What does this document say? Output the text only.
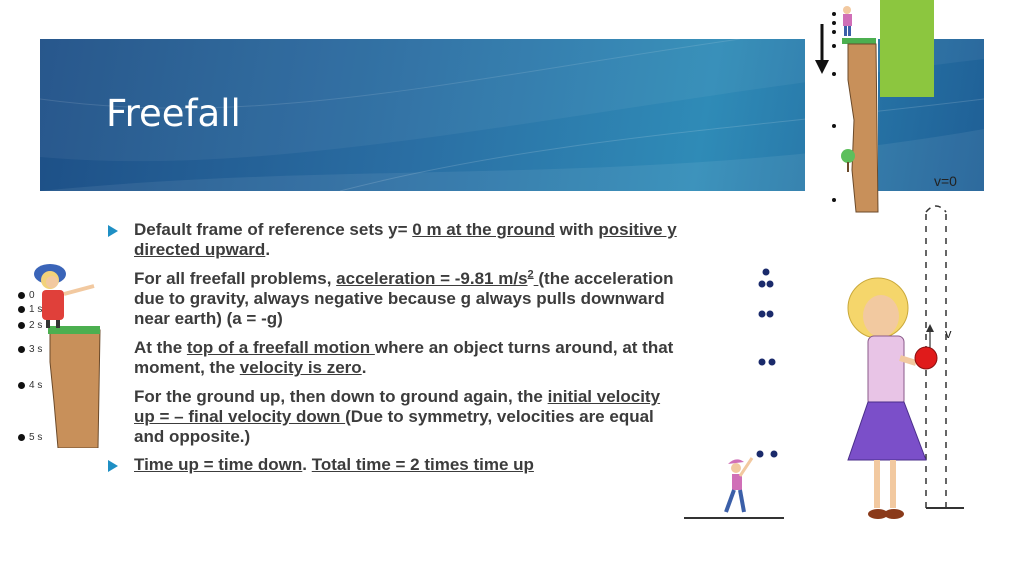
Freefall
0
1 s
2 s
3 s
4 s
5 s
Default frame of reference sets y= 0 m at the ground with positive y directed upward.
For all freefall problems, acceleration = -9.81 $m/s^2$ (the acceleration due to gravity, always negative because g always pulls downward near earth) (a = -g)
At the top of a freefall motion where an object turns around, at that moment, the velocity is zero.
For the ground up, then down to ground again, the initial velocity up = – final velocity down (Due to symmetry, velocities are equal and opposite.)
Time up = time down. Total time = 2 times time up
v=0
v
